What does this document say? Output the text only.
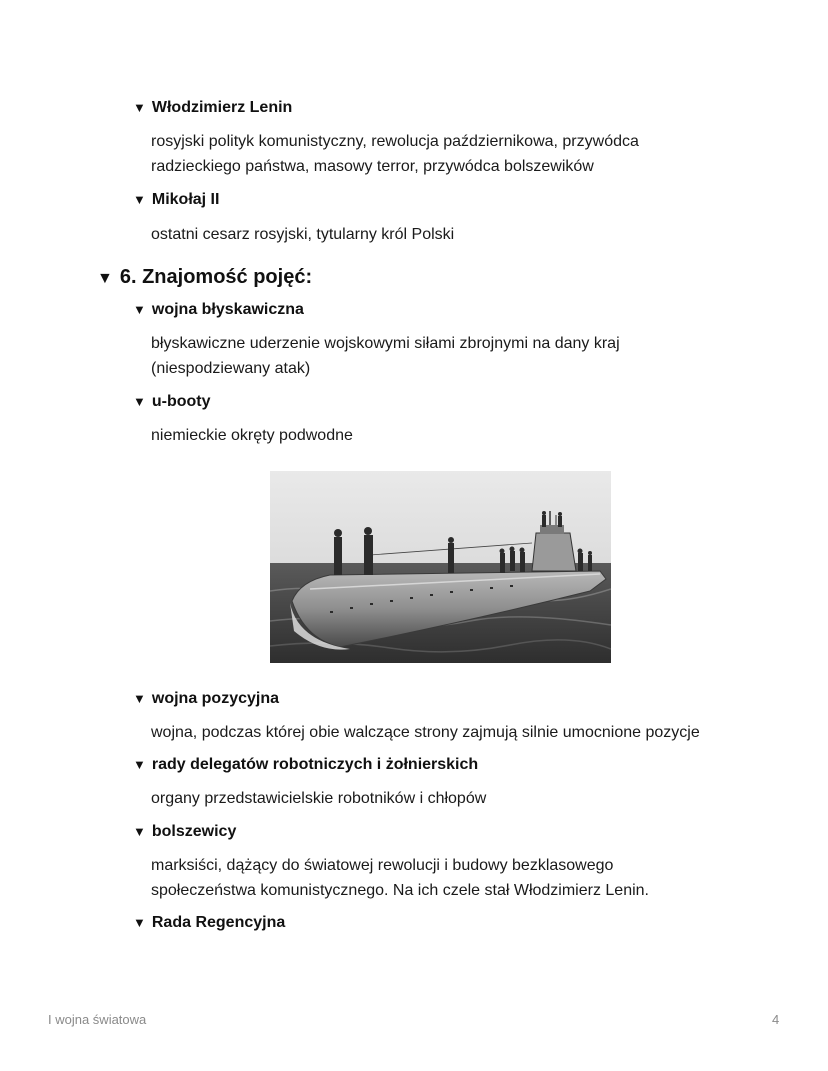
▼ Włodzimierz Lenin
rosyjski polityk komunistyczny, rewolucja październikowa, przywódca
radzieckiego państwa, masowy terror, przywódca bolszewików
▼ Mikołaj II
ostatni cesarz rosyjski, tytularny król Polski
▼ 6. Znajomość pojęć:
▼ wojna błyskawiczna
błyskawiczne uderzenie wojskowymi siłami zbrojnymi na dany kraj
(niespodziewany atak)
▼ u-booty
niemieckie okręty podwodne
▼ wojna pozycyjna
wojna, podczas której obie walczące strony zajmują silnie umocnione pozycje
▼ rady delegatów robotniczych i żołnierskich
organy przedstawicielskie robotników i chłopów
▼ bolszewicy
marksiści, dążący do światowej rewolucji i budowy bezklasowego
społeczeństwa komunistycznego. Na ich czele stał Włodzimierz Lenin.
▼ Rada Regencyjna
I wojna światowa	4
